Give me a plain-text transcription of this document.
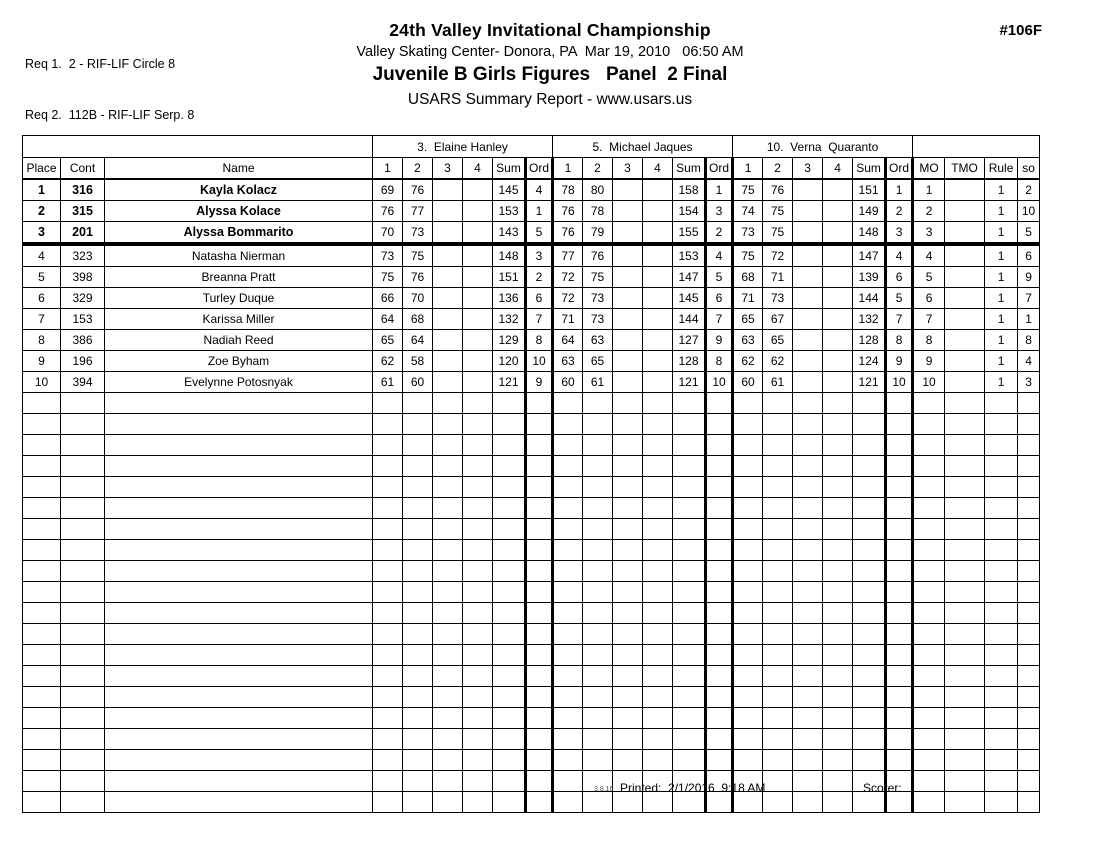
Req 1.  2 - RIF-LIF Circle 8

Req 2.  112B - RIF-LIF Serp. 8

24th Valley Invitational Championship
Valley Skating Center- Donora, PA  Mar 19, 2010   06:50 AM
Juvenile B Girls Figures   Panel  2 Final
USARS Summary Report - www.usars.us
#106F
			3.  Elaine Hanley						5.  Michael Jaques						10.  Verna  Quaranto									
Place	Cont	Name	1	2	3	4	Sum	Ord	1	2	3	4	Sum	Ord	1	2	3	4	Sum	Ord	MO	TMO	Rule	so
1	316	Kayla Kolacz	69	76			145	4	78	80			158	1	75	76			151	1	1		1	2
2	315	Alyssa Kolace	76	77			153	1	76	78			154	3	74	75			149	2	2		1	10
3	201	Alyssa Bommarito	70	73			143	5	76	79			155	2	73	75			148	3	3		1	5
4	323	Natasha Nierman	73	75			148	3	77	76			153	4	75	72			147	4	4		1	6
5	398	Breanna Pratt	75	76			151	2	72	75			147	5	68	71			139	6	5		1	9
6	329	Turley Duque	66	70			136	6	72	73			145	6	71	73			144	5	6		1	7
7	153	Karissa Miller	64	68			132	7	71	73			144	7	65	67			132	7	7		1	1
8	386	Nadiah Reed	65	64			129	8	64	63			127	9	63	65			128	8	8		1	8
9	196	Zoe Byham	62	58			120	10	63	65			128	8	62	62			124	9	9		1	4
10	394	Evelynne Potosnyak	61	60			121	9	60	61			121	10	60	61			121	10	10		1	3

3.8.16 Printed:  2/1/2016  9:18 AM	Scorer:
